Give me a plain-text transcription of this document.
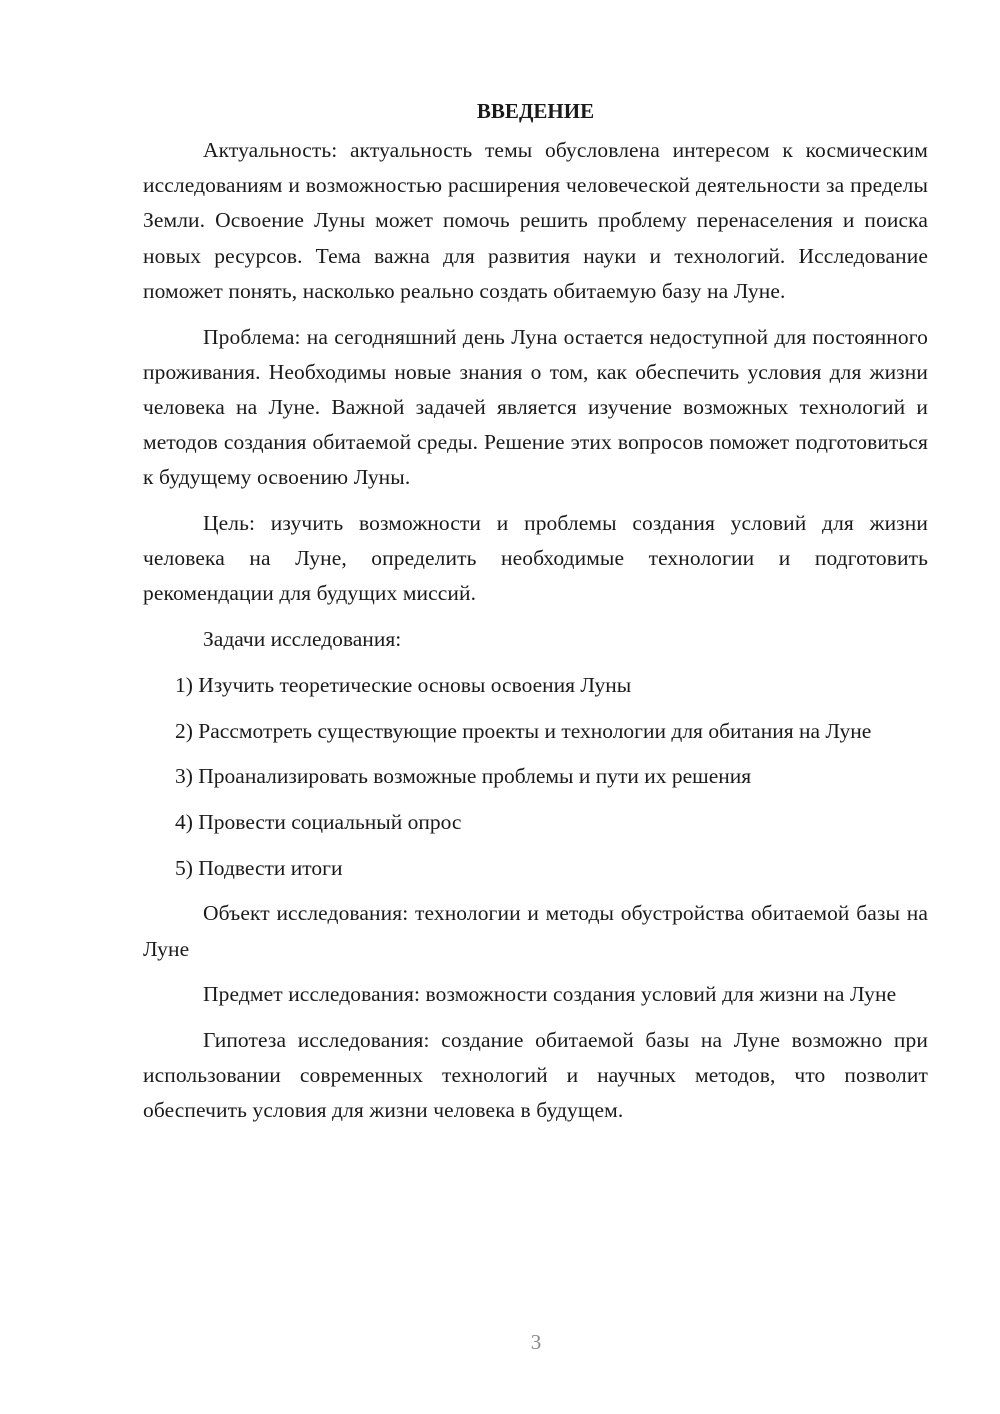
ВВЕДЕНИЕ

Актуальность: актуальность темы обусловлена интересом к космическим исследованиям и возможностью расширения человеческой деятельности за пределы Земли. Освоение Луны может помочь решить проблему перенаселения и поиска новых ресурсов. Тема важна для развития науки и технологий. Исследование поможет понять, насколько реально создать обитаемую базу на Луне.

Проблема: на сегодняшний день Луна остается недоступной для постоянного проживания. Необходимы новые знания о том, как обеспечить условия для жизни человека на Луне. Важной задачей является изучение возможных технологий и методов создания обитаемой среды. Решение этих вопросов поможет подготовиться к будущему освоению Луны.

Цель: изучить возможности и проблемы создания условий для жизни человека на Луне, определить необходимые технологии и подготовить рекомендации для будущих миссий.

Задачи исследования:

1) Изучить теоретические основы освоения Луны

2) Рассмотреть существующие проекты и технологии для обитания на Луне

3) Проанализировать возможные проблемы и пути их решения

4) Провести социальный опрос

5) Подвести итоги

Объект исследования: технологии и методы обустройства обитаемой базы на Луне

Предмет исследования: возможности создания условий для жизни на Луне

Гипотеза исследования: создание обитаемой базы на Луне возможно при использовании современных технологий и научных методов, что позволит обеспечить условия для жизни человека в будущем.

3
